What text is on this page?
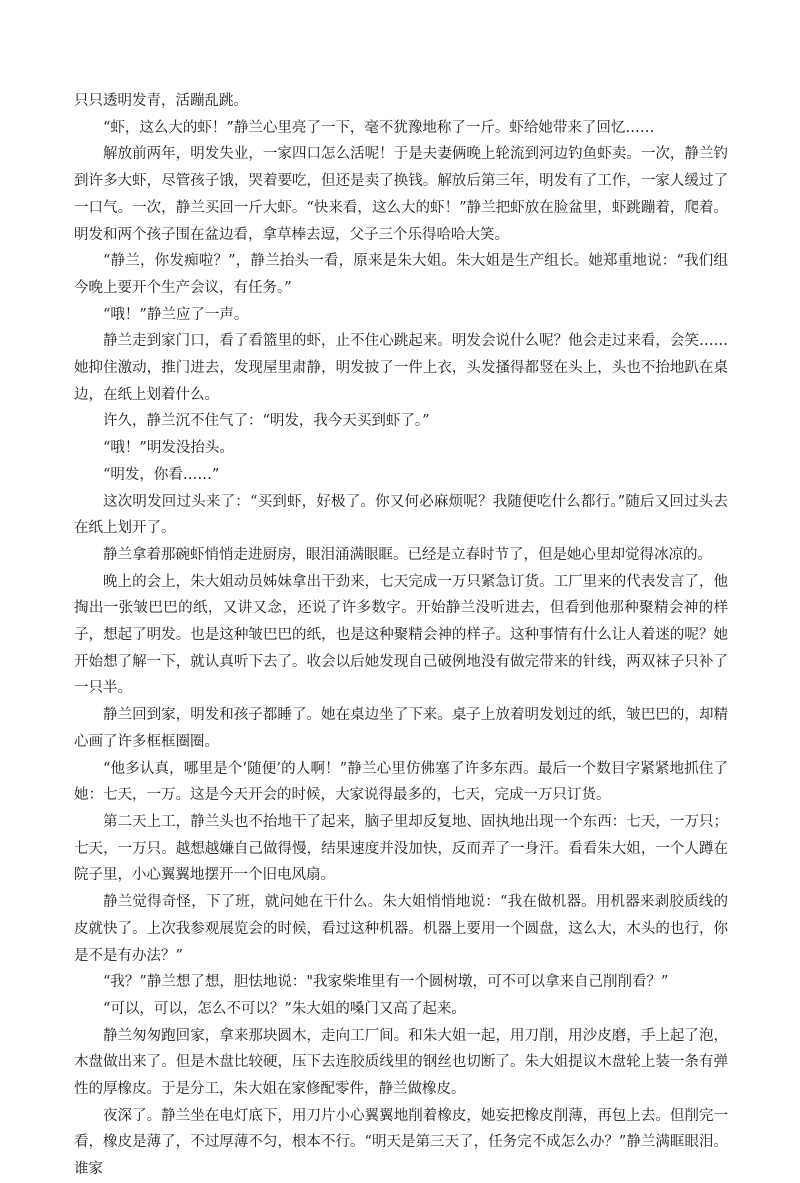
只只透明发青，活蹦乱跳。

“虾，这么大的虾！”静兰心里亮了一下，毫不犹豫地称了一斤。虾给她带来了回忆……

解放前两年，明发失业，一家四口怎么活呢！于是夫妻俩晚上轮流到河边钓鱼虾卖。一次，静兰钓到许多大虾，尽管孩子饿，哭着要吃，但还是卖了换钱。解放后第三年，明发有了工作，一家人缓过了一口气。一次，静兰买回一斤大虾。“快来看，这么大的虾！”静兰把虾放在脸盆里，虾跳蹦着，爬着。明发和两个孩子围在盆边看，拿草棒去逗，父子三个乐得哈哈大笑。

“静兰，你发痴啦？”，静兰抬头一看，原来是朱大姐。朱大姐是生产组长。她郑重地说：“我们组今晚上要开个生产会议，有任务。”

“哦！”静兰应了一声。

静兰走到家门口，看了看篮里的虾，止不住心跳起来。明发会说什么呢？他会走过来看，会笑……她抑住激动，推门进去，发现屋里肃静，明发披了一件上衣，头发搔得都竖在头上，头也不抬地趴在桌边，在纸上划着什么。

许久，静兰沉不住气了：“明发，我今天买到虾了。”

“哦！”明发没抬头。

“明发，你看……”

这次明发回过头来了：“买到虾，好极了。你又何必麻烦呢？我随便吃什么都行。”随后又回过头去在纸上划开了。

静兰拿着那碗虾悄悄走进厨房，眼泪涌满眼眶。已经是立春时节了，但是她心里却觉得冰凉的。

晚上的会上，朱大姐动员姊妹拿出干劲来，七天完成一万只紧急订货。工厂里来的代表发言了，他掏出一张皱巴巴的纸，又讲又念，还说了许多数字。开始静兰没听进去，但看到他那种聚精会神的样子，想起了明发。也是这种皱巴巴的纸，也是这种聚精会神的样子。这种事情有什么让人着迷的呢？她开始想了解一下，就认真听下去了。收会以后她发现自己破例地没有做完带来的针线，两双袜子只补了一只半。

静兰回到家，明发和孩子都睡了。她在桌边坐了下来。桌子上放着明发划过的纸，皱巴巴的，却精心画了许多框框圈圈。

“他多认真，哪里是个‘随便’的人啊！”静兰心里仿佛塞了许多东西。最后一个数目字紧紧地抓住了她：七天，一万。这是今天开会的时候，大家说得最多的，七天，完成一万只订货。

第二天上工，静兰头也不抬地干了起来，脑子里却反复地、固执地出现一个东西：七天，一万只；七天，一万只。越想越嫌自己做得慢，结果速度并没加快，反而弄了一身汗。看看朱大姐，一个人蹲在院子里，小心翼翼地摆开一个旧电风扇。

静兰觉得奇怪，下了班，就问她在干什么。朱大姐悄悄地说：“我在做机器。用机器来剥胶质线的皮就快了。上次我参观展览会的时候，看过这种机器。机器上要用一个圆盘，这么大，木头的也行，你是不是有办法？”

“我？”静兰想了想，胆怯地说："我家柴堆里有一个圆树墩，可不可以拿来自己削削看？”

“可以，可以，怎么不可以？”朱大姐的嗓门又高了起来。

静兰匆匆跑回家，拿来那块圆木，走向工厂间。和朱大姐一起，用刀削，用沙皮磨，手上起了泡，木盘做出来了。但是木盘比较硬，压下去连胶质线里的钢丝也切断了。朱大姐提议木盘轮上装一条有弹性的厚橡皮。于是分工，朱大姐在家修配零件，静兰做橡皮。

夜深了。静兰坐在电灯底下，用刀片小心翼翼地削着橡皮，她妄把橡皮削薄，再包上去。但削完一看，橡皮是薄了，不过厚薄不匀，根本不行。“明天是第三天了，任务完不成怎么办？”静兰满眶眼泪。谁家
